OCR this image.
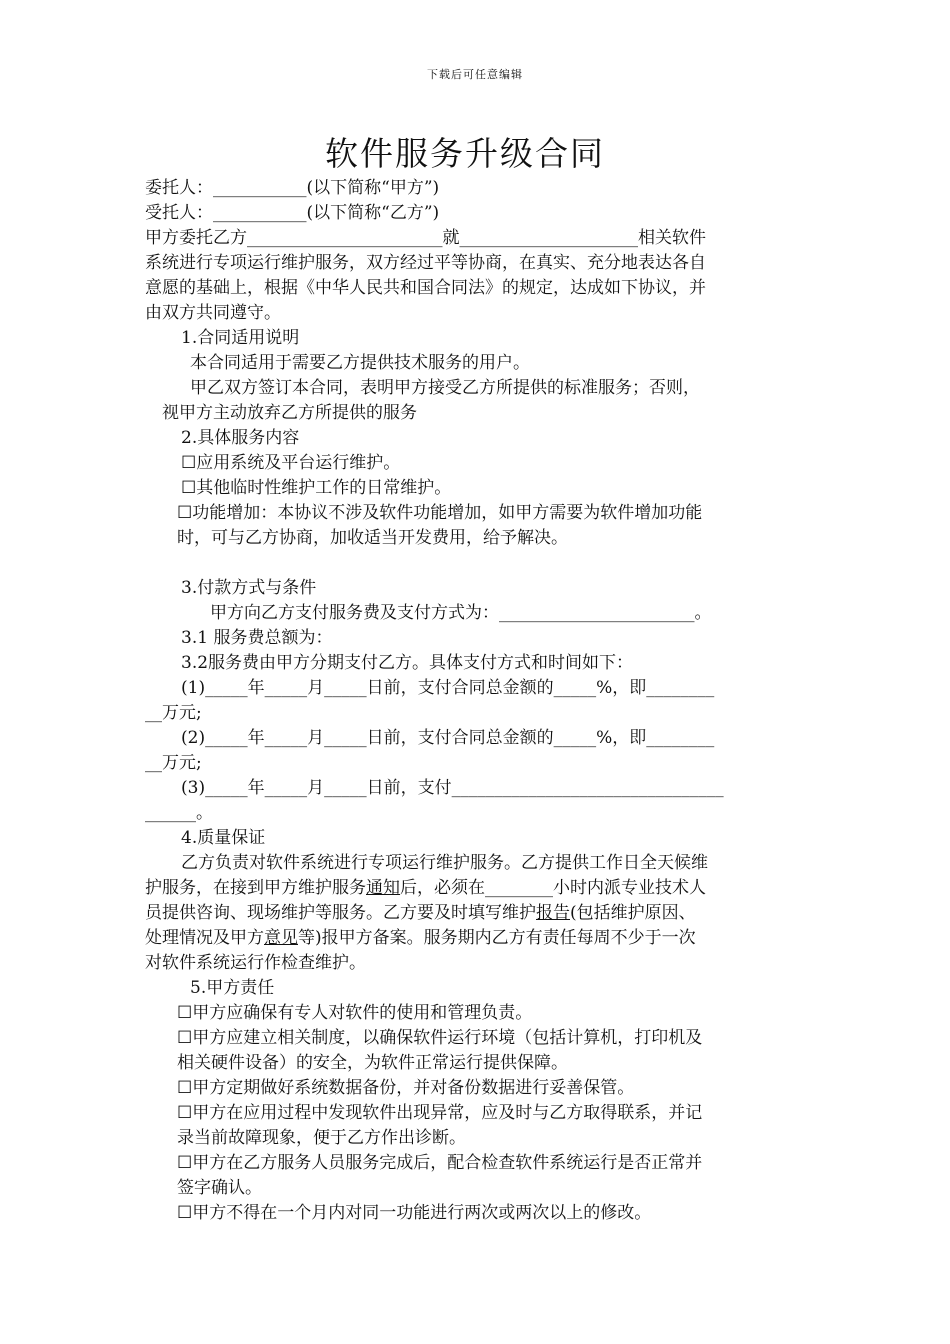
下载后可任意编辑
软件服务升级合同
委托人：___________(以下简称“甲方”)
受托人：___________(以下简称“乙方”)
甲方委托乙方_______________________就_____________________相关软件
系统进行专项运行维护服务，双方经过平等协商，在真实、充分地表达各自
意愿的基础上，根据《中华人民共和国合同法》的规定，达成如下协议，并
由双方共同遵守。
1.合同适用说明
本合同适用于需要乙方提供技术服务的用户。
甲乙双方签订本合同，表明甲方接受乙方所提供的标准服务；否则，
视甲方主动放弃乙方所提供的服务
2.具体服务内容
☐应用系统及平台运行维护。
☐其他临时性维护工作的日常维护。
☐功能增加：本协议不涉及软件功能增加，如甲方需要为软件增加功能
时，可与乙方协商，加收适当开发费用，给予解决。
3.付款方式与条件
甲方向乙方支付服务费及支付方式为：_______________________。
3.1 服务费总额为：
3.2服务费由甲方分期支付乙方。具体支付方式和时间如下：
(1)_____年_____月_____日前，支付合同总金额的_____%，即________
__万元;
(2)_____年_____月_____日前，支付合同总金额的_____%，即________
__万元;
(3)_____年_____月_____日前，支付________________________________
______。
4.质量保证
乙方负责对软件系统进行专项运行维护服务。乙方提供工作日全天候维
护服务，在接到甲方维护服务通知后，必须在________小时内派专业技术人
员提供咨询、现场维护等服务。乙方要及时填写维护报告(包括维护原因、
处理情况及甲方意见等)报甲方备案。服务期内乙方有责任每周不少于一次
对软件系统运行作检查维护。
5.甲方责任
☐甲方应确保有专人对软件的使用和管理负责。
☐甲方应建立相关制度，以确保软件运行环境（包括计算机，打印机及
相关硬件设备）的安全，为软件正常运行提供保障。
☐甲方定期做好系统数据备份，并对备份数据进行妥善保管。
☐甲方在应用过程中发现软件出现异常，应及时与乙方取得联系，并记
录当前故障现象，便于乙方作出诊断。
☐甲方在乙方服务人员服务完成后，配合检查软件系统运行是否正常并
签字确认。
☐甲方不得在一个月内对同一功能进行两次或两次以上的修改。
